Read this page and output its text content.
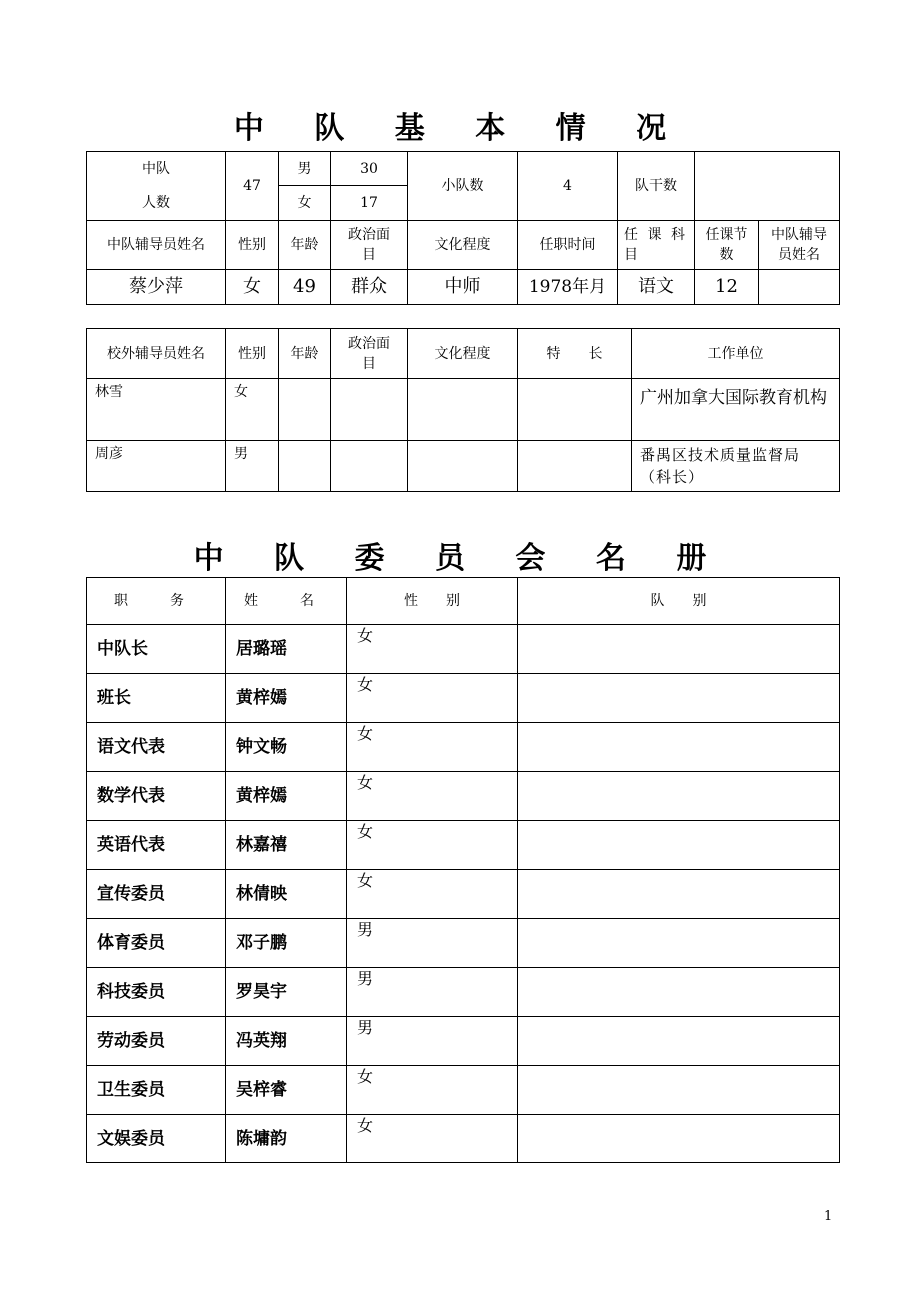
中 队 基 本 情 况
中队
人数	47	男	30	小队数	4	队干数		
		女	17					
中队辅导员姓名	性别	年龄	政治面目	文化程度	任职时间	任课科目	任课节数	中队辅导员姓名
蔡少萍	女	49	群众	中师	1978年月	语文	12	
校外辅导员姓名	性别	年龄	政治面目	文化程度	特　　长	工作单位
林雪	女					广州加拿大国际教育机构
周彦	男					番禺区技术质量监督局（科长）
中 队 委 员 会 名 册
职　务	姓　名	性　　别	队　　别
中队长	居璐瑶	女	
班长	黄梓嫣	女	
语文代表	钟文畅	女	
数学代表	黄梓嫣	女	
英语代表	林嘉禧	女	
宣传委员	林倩映	女	
体育委员	邓子鹏	男	
科技委员	罗昊宇	男	
劳动委员	冯英翔	男	
卫生委员	吴梓睿	女	
文娱委员	陈墉韵	女	
1
